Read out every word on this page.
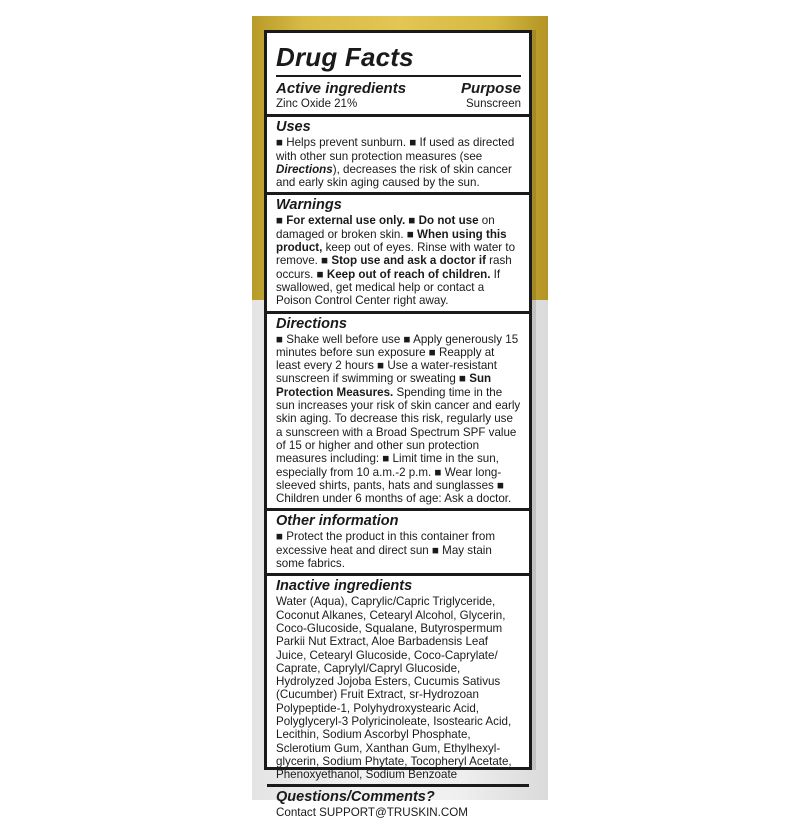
Drug Facts
Active ingredients	Purpose
Zinc Oxide 21%	Sunscreen
Uses
■ Helps prevent sunburn. ■ If used as directed with other sun protection measures (see Directions), decreases the risk of skin cancer and early skin aging caused by the sun.
Warnings
■ For external use only. ■ Do not use on damaged or broken skin. ■ When using this product, keep out of eyes. Rinse with water to remove. ■ Stop use and ask a doctor if rash occurs. ■ Keep out of reach of children. If swallowed, get medical help or contact a Poison Control Center right away.
Directions
■ Shake well before use ■ Apply generously 15 minutes before sun exposure ■ Reapply at least every 2 hours ■ Use a water-resistant sunscreen if swimming or sweating ■ Sun Protection Measures. Spending time in the sun increases your risk of skin cancer and early skin aging. To decrease this risk, regularly use a sunscreen with a Broad Spectrum SPF value of 15 or higher and other sun protection measures including: ■ Limit time in the sun, especially from 10 a.m.-2 p.m. ■ Wear long-sleeved shirts, pants, hats and sunglasses ■ Children under 6 months of age: Ask a doctor.
Other information
■ Protect the product in this container from excessive heat and direct sun ■ May stain some fabrics.
Inactive ingredients
Water (Aqua), Caprylic/Capric Triglyceride, Coconut Alkanes, Cetearyl Alcohol, Glycerin, Coco-Glucoside, Squalane, Butyrospermum Parkii Nut Extract, Aloe Barbadensis Leaf Juice, Cetearyl Glucoside, Coco-Caprylate/ Caprate, Caprylyl/Capryl Glucoside, Hydrolyzed Jojoba Esters, Cucumis Sativus (Cucumber) Fruit Extract, sr-Hydrozoan Polypeptide-1, Polyhydroxystearic Acid, Polyglyceryl-3 Polyricinoleate, Isostearic Acid, Lecithin, Sodium Ascorbyl Phosphate, Sclerotium Gum, Xanthan Gum, Ethylhexyl-glycerin, Sodium Phytate, Tocopheryl Acetate, Phenoxyethanol, Sodium Benzoate
Questions/Comments?
Contact SUPPORT@TRUSKIN.COM
